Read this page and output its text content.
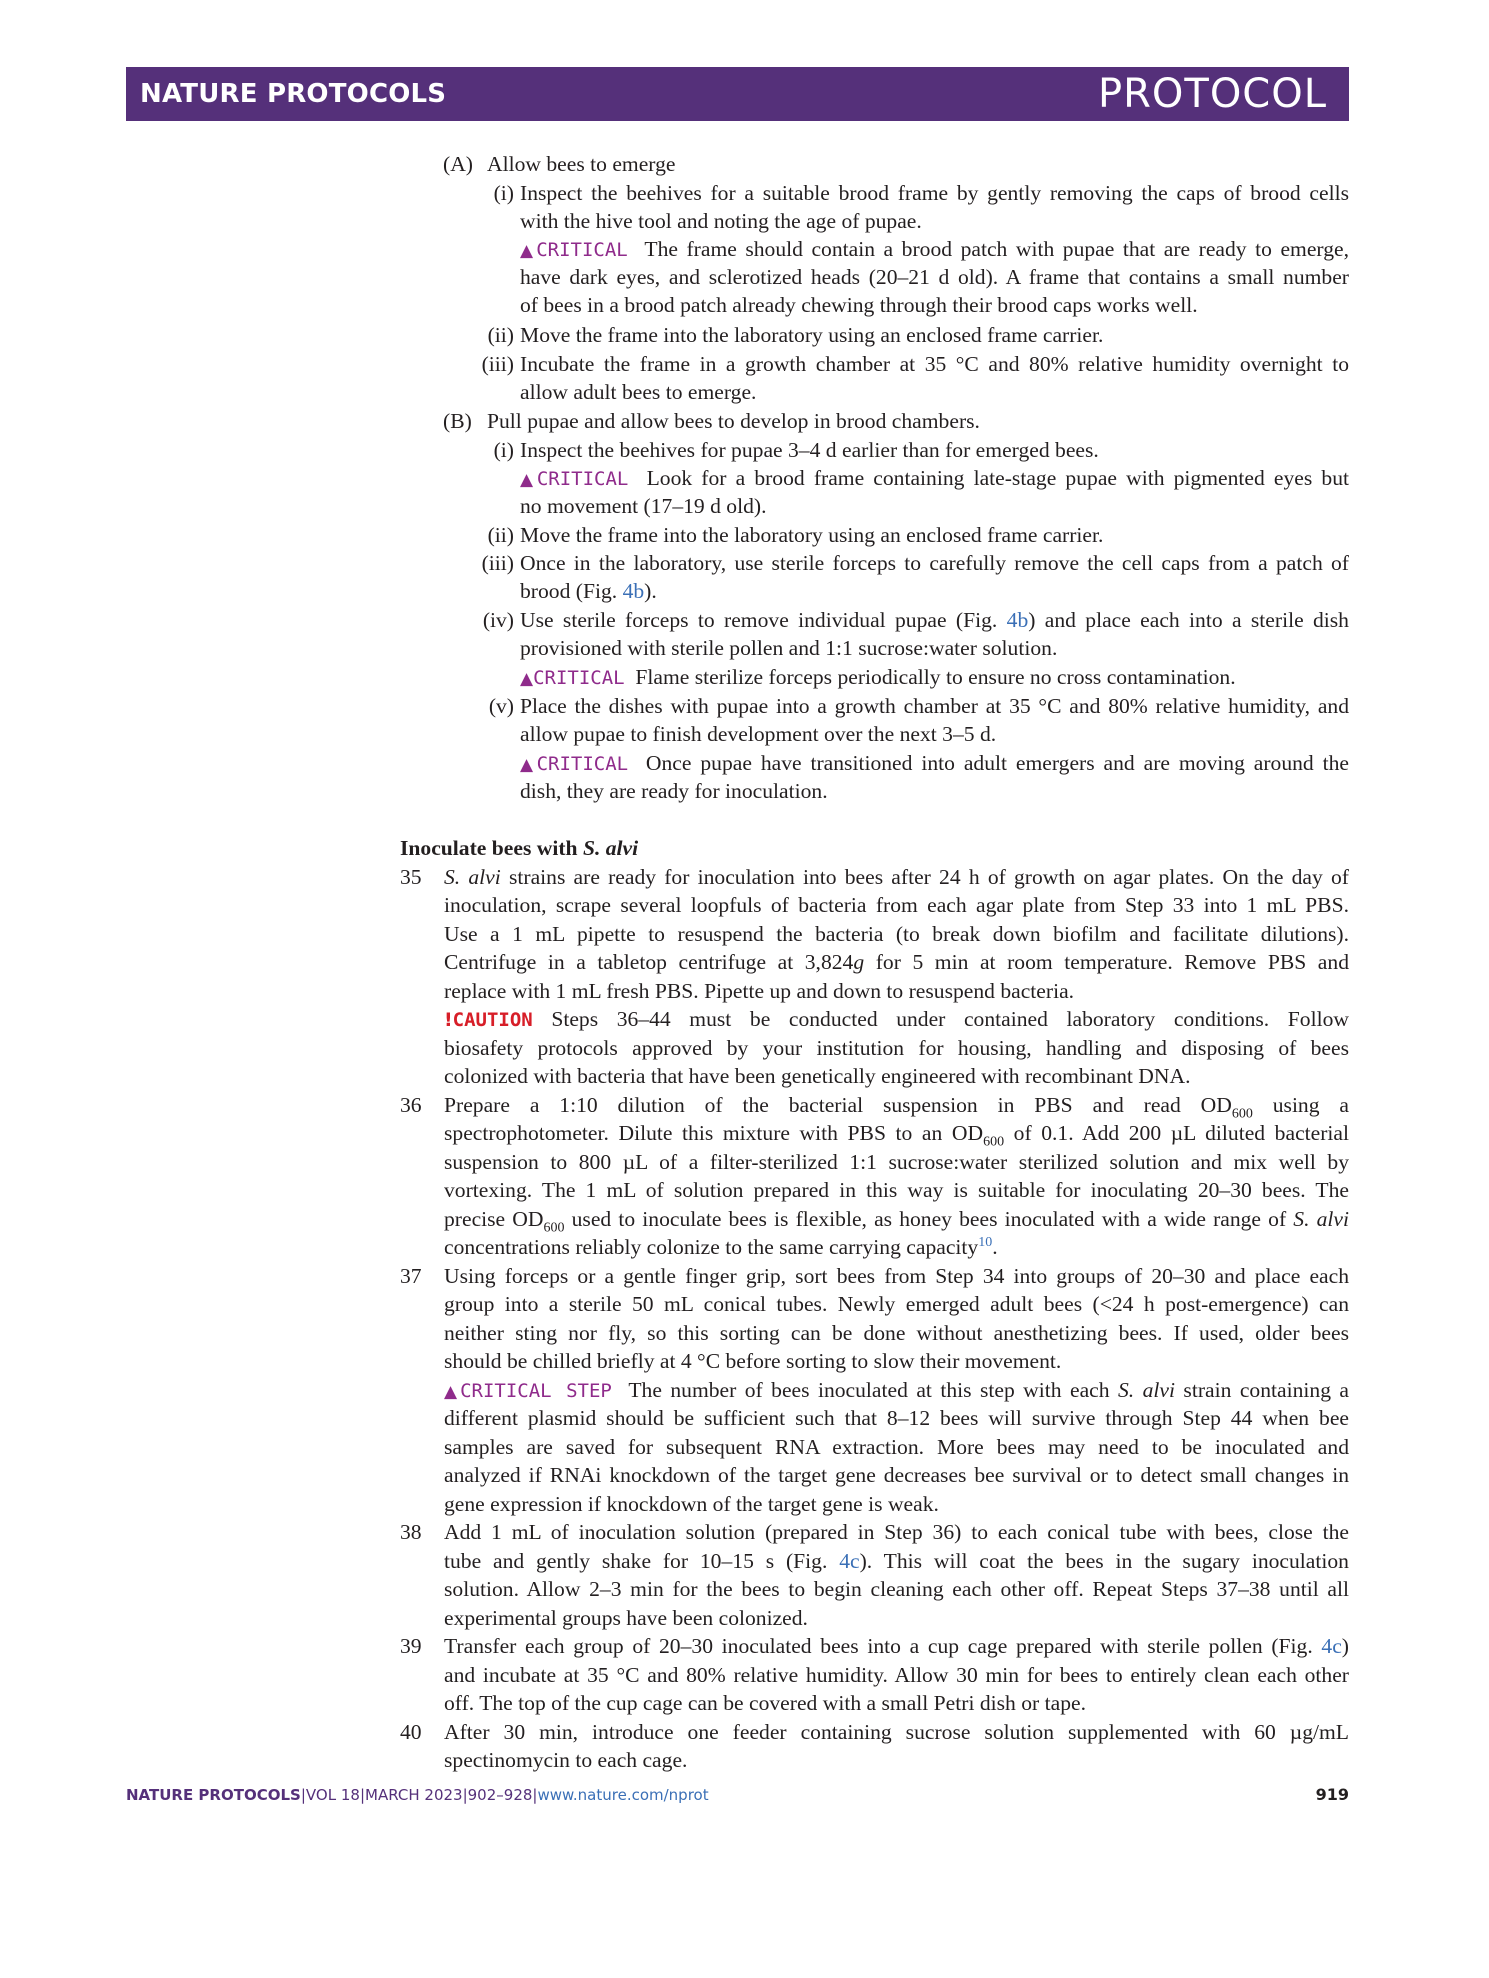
NATURE PROTOCOLS	PROTOCOL
(A) Allow bees to emerge
(i) Inspect the beehives for a suitable brood frame by gently removing the caps of brood cells
with the hive tool and noting the age of pupae.
▲CRITICAL The frame should contain a brood patch with pupae that are ready to emerge,
have dark eyes, and sclerotized heads (20–21 d old). A frame that contains a small number
of bees in a brood patch already chewing through their brood caps works well.
(ii) Move the frame into the laboratory using an enclosed frame carrier.
(iii) Incubate the frame in a growth chamber at 35 °C and 80% relative humidity overnight to
allow adult bees to emerge.
(B) Pull pupae and allow bees to develop in brood chambers.
(i) Inspect the beehives for pupae 3–4 d earlier than for emerged bees.
▲CRITICAL Look for a brood frame containing late-stage pupae with pigmented eyes but
no movement (17–19 d old).
(ii) Move the frame into the laboratory using an enclosed frame carrier.
(iii) Once in the laboratory, use sterile forceps to carefully remove the cell caps from a patch of
brood (Fig. 4b).
(iv) Use sterile forceps to remove individual pupae (Fig. 4b) and place each into a sterile dish
provisioned with sterile pollen and 1:1 sucrose:water solution.
▲CRITICAL Flame sterilize forceps periodically to ensure no cross contamination.
(v) Place the dishes with pupae into a growth chamber at 35 °C and 80% relative humidity, and
allow pupae to finish development over the next 3–5 d.
▲CRITICAL Once pupae have transitioned into adult emergers and are moving around the
dish, they are ready for inoculation.
Inoculate bees with S. alvi
35 S. alvi strains are ready for inoculation into bees after 24 h of growth on agar plates. On the day of
inoculation, scrape several loopfuls of bacteria from each agar plate from Step 33 into 1 mL PBS.
Use a 1 mL pipette to resuspend the bacteria (to break down biofilm and facilitate dilutions).
Centrifuge in a tabletop centrifuge at 3,824g for 5 min at room temperature. Remove PBS and
replace with 1 mL fresh PBS. Pipette up and down to resuspend bacteria.
!CAUTION Steps 36–44 must be conducted under contained laboratory conditions. Follow
biosafety protocols approved by your institution for housing, handling and disposing of bees
colonized with bacteria that have been genetically engineered with recombinant DNA.
36 Prepare a 1:10 dilution of the bacterial suspension in PBS and read $OD_{600}$ using a
spectrophotometer. Dilute this mixture with PBS to an $OD_{600}$ of 0.1. Add 200 µL diluted bacterial
suspension to 800 µL of a filter-sterilized 1:1 sucrose:water sterilized solution and mix well by
vortexing. The 1 mL of solution prepared in this way is suitable for inoculating 20–30 bees. The
precise $OD_{600}$ used to inoculate bees is flexible, as honey bees inoculated with a wide range of S. alvi
concentrations reliably colonize to the same carrying capacity$^{10}$.
37 Using forceps or a gentle finger grip, sort bees from Step 34 into groups of 20–30 and place each
group into a sterile 50 mL conical tubes. Newly emerged adult bees (<24 h post-emergence) can
neither sting nor fly, so this sorting can be done without anesthetizing bees. If used, older bees
should be chilled briefly at 4 °C before sorting to slow their movement.
▲CRITICAL STEP The number of bees inoculated at this step with each S. alvi strain containing a
different plasmid should be sufficient such that 8–12 bees will survive through Step 44 when bee
samples are saved for subsequent RNA extraction. More bees may need to be inoculated and
analyzed if RNAi knockdown of the target gene decreases bee survival or to detect small changes in
gene expression if knockdown of the target gene is weak.
38 Add 1 mL of inoculation solution (prepared in Step 36) to each conical tube with bees, close the
tube and gently shake for 10–15 s (Fig. 4c). This will coat the bees in the sugary inoculation
solution. Allow 2–3 min for the bees to begin cleaning each other off. Repeat Steps 37–38 until all
experimental groups have been colonized.
39 Transfer each group of 20–30 inoculated bees into a cup cage prepared with sterile pollen (Fig. 4c)
and incubate at 35 °C and 80% relative humidity. Allow 30 min for bees to entirely clean each other
off. The top of the cup cage can be covered with a small Petri dish or tape.
40 After 30 min, introduce one feeder containing sucrose solution supplemented with 60 µg/mL
spectinomycin to each cage.
NATURE PROTOCOLS|VOL 18|MARCH 2023|902–928|www.nature.com/nprot	919
